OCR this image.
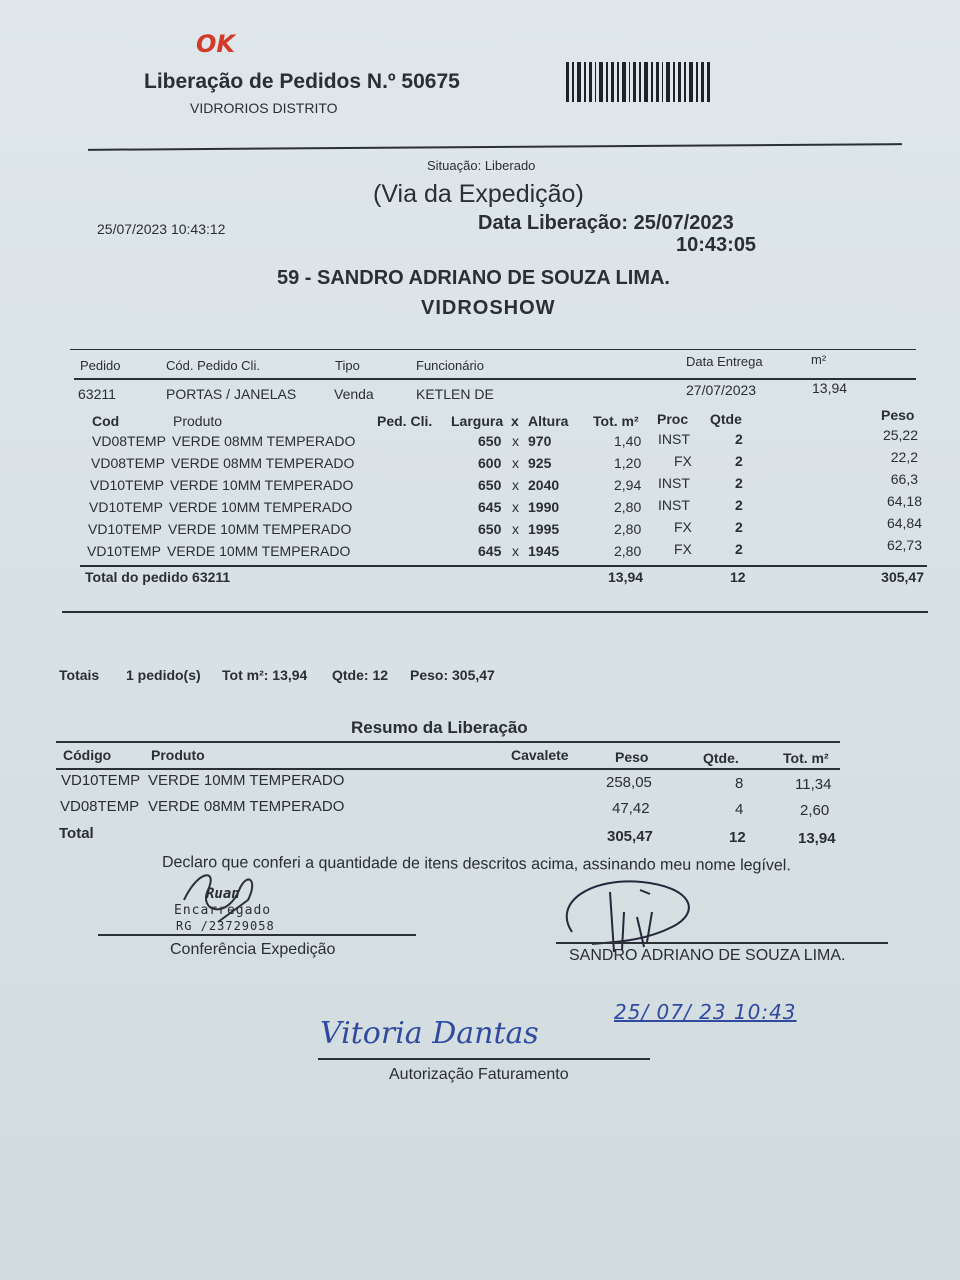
OK
Liberação de Pedidos N.º 50675
VIDRORIOS DISTRITO
Situação: Liberado
(Via da Expedição)
25/07/2023 10:43:12	Data Liberação: 25/07/2023
10:43:05
59 - SANDRO ADRIANO DE SOUZA LIMA.
VIDROSHOW
Pedido	Cód. Pedido Cli.	Tipo	Funcionário	Data Entrega	m²
63211	PORTAS / JANELAS	Venda	KETLEN DE	27/07/2023	13,94
Cod	Produto	Ped. Cli. Largura x Altura Tot. m² Proc Qtde	Peso
VD08TEMP VERDE 08MM TEMPERADO	650 x 970	1,40 INST	2	25,22
VD08TEMP VERDE 08MM TEMPERADO	600 x 925	1,20 FX	2	22,2
VD10TEMP VERDE 10MM TEMPERADO	650 x 2040	2,94 INST	2	66,3
VD10TEMP VERDE 10MM TEMPERADO	645 x 1990	2,80 INST	2	64,18
VD10TEMP VERDE 10MM TEMPERADO	650 x 1995	2,80 FX	2	64,84
VD10TEMP VERDE 10MM TEMPERADO	645 x 1945	2,80 FX	2	62,73
Total do pedido 63211	13,94	12	305,47
Totais 1 pedido(s) Tot m²: 13,94 Qtde: 12 Peso: 305,47
Resumo da Liberação
Código	Produto	Cavalete	Peso	Qtde.	Tot. m²
VD10TEMP VERDE 10MM TEMPERADO	258,05	8	11,34
VD08TEMP VERDE 08MM TEMPERADO	47,42	4	2,60
Total	305,47	12	13,94
Declaro que conferi a quantidade de itens descritos acima, assinando meu nome legível.
Ruan
Encarregado
RG /23729058
Conferência Expedição	SANDRO ADRIANO DE SOUZA LIMA.
25/ 07/ 23 10:43
Vitoria Dantas
Autorização Faturamento
